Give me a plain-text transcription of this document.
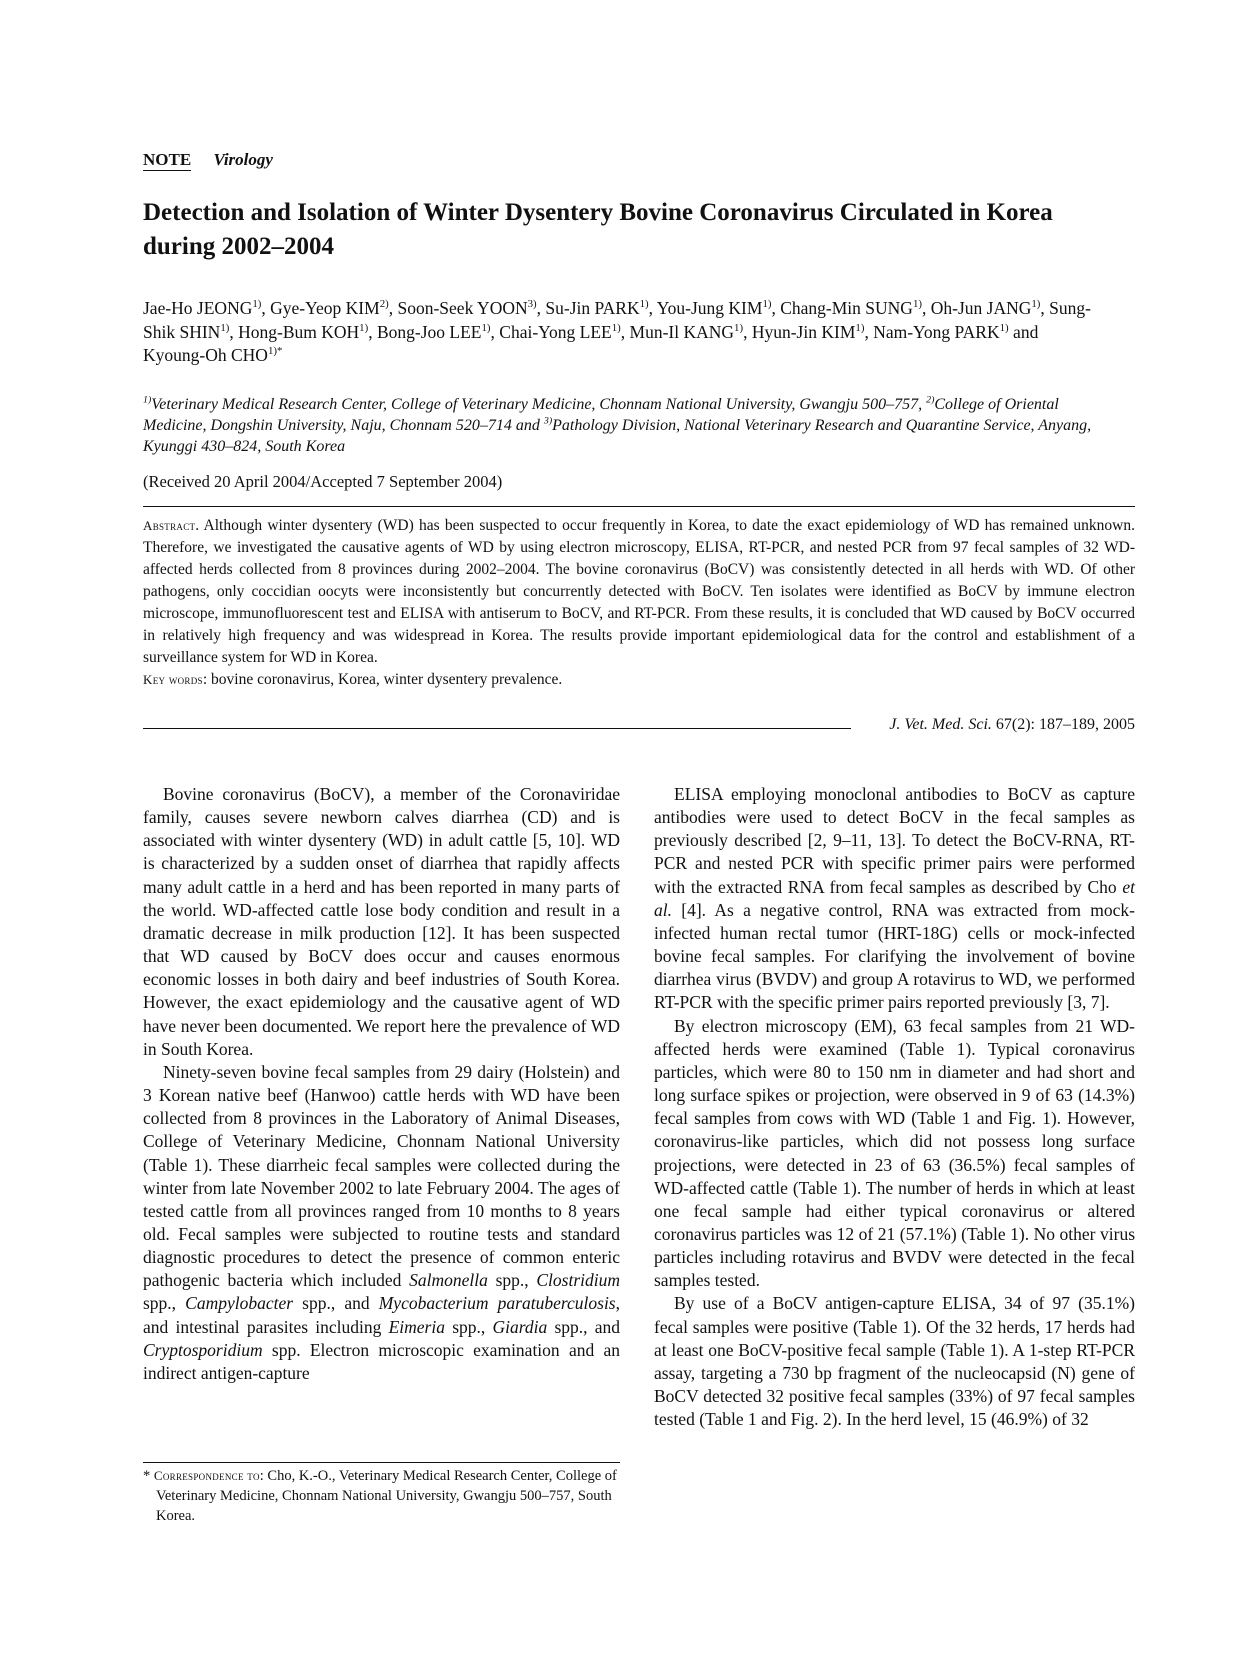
NOTE Virology
Detection and Isolation of Winter Dysentery Bovine Coronavirus Circulated in Korea during 2002–2004
Jae-Ho JEONG$^{1)}$, Gye-Yeop KIM$^{2)}$, Soon-Seek YOON$^{3)}$, Su-Jin PARK$^{1)}$, You-Jung KIM$^{1)}$, Chang-Min SUNG$^{1)}$, Oh-Jun JANG$^{1)}$, Sung-Shik SHIN$^{1)}$, Hong-Bum KOH$^{1)}$, Bong-Joo LEE$^{1)}$, Chai-Yong LEE$^{1)}$, Mun-Il KANG$^{1)}$, Hyun-Jin KIM$^{1)}$, Nam-Yong PARK$^{1)}$ and Kyoung-Oh $CHO^{1)*}$
$^{1)}$Veterinary Medical Research Center, College of Veterinary Medicine, Chonnam National University, Gwangju 500–757, $^{2)}$College of Oriental Medicine, Dongshin University, Naju, Chonnam 520–714 and $^{3)}$Pathology Division, National Veterinary Research and Quarantine Service, Anyang, Kyunggi 430–824, South Korea
(Received 20 April 2004/Accepted 7 September 2004)
Abstract. Although winter dysentery (WD) has been suspected to occur frequently in Korea, to date the exact epidemiology of WD has remained unknown. Therefore, we investigated the causative agents of WD by using electron microscopy, ELISA, RT-PCR, and nested PCR from 97 fecal samples of 32 WD-affected herds collected from 8 provinces during 2002–2004. The bovine coronavirus (BoCV) was consistently detected in all herds with WD. Of other pathogens, only coccidian oocyts were inconsistently but concurrently detected with BoCV. Ten isolates were identified as BoCV by immune electron microscope, immunofluorescent test and ELISA with antiserum to BoCV, and RT-PCR. From these results, it is concluded that WD caused by BoCV occurred in relatively high frequency and was widespread in Korea. The results provide important epidemiological data for the control and establishment of a surveillance system for WD in Korea.
Key words: bovine coronavirus, Korea, winter dysentery prevalence.
J. Vet. Med. Sci. 67(2): 187–189, 2005

Bovine coronavirus (BoCV), a member of the Coronaviridae family, causes severe newborn calves diarrhea (CD) and is associated with winter dysentery (WD) in adult cattle [5, 10]. WD is characterized by a sudden onset of diarrhea that rapidly affects many adult cattle in a herd and has been reported in many parts of the world. WD-affected cattle lose body condition and result in a dramatic decrease in milk production [12]. It has been suspected that WD caused by BoCV does occur and causes enormous economic losses in both dairy and beef industries of South Korea. However, the exact epidemiology and the causative agent of WD have never been documented. We report here the prevalence of WD in South Korea.

Ninety-seven bovine fecal samples from 29 dairy (Holstein) and 3 Korean native beef (Hanwoo) cattle herds with WD have been collected from 8 provinces in the Laboratory of Animal Diseases, College of Veterinary Medicine, Chonnam National University (Table 1). These diarrheic fecal samples were collected during the winter from late November 2002 to late February 2004. The ages of tested cattle from all provinces ranged from 10 months to 8 years old. Fecal samples were subjected to routine tests and standard diagnostic procedures to detect the presence of common enteric pathogenic bacteria which included Salmonella spp., Clostridium spp., Campylobacter spp., and Mycobacterium paratuberculosis, and intestinal parasites including Eimeria spp., Giardia spp., and Cryptosporidium spp. Electron microscopic examination and an indirect antigen-capture

ELISA employing monoclonal antibodies to BoCV as capture antibodies were used to detect BoCV in the fecal samples as previously described [2, 9–11, 13]. To detect the BoCV-RNA, RT-PCR and nested PCR with specific primer pairs were performed with the extracted RNA from fecal samples as described by Cho et al. [4]. As a negative control, RNA was extracted from mock-infected human rectal tumor (HRT-18G) cells or mock-infected bovine fecal samples. For clarifying the involvement of bovine diarrhea virus (BVDV) and group A rotavirus to WD, we performed RT-PCR with the specific primer pairs reported previously [3, 7].

By electron microscopy (EM), 63 fecal samples from 21 WD-affected herds were examined (Table 1). Typical coronavirus particles, which were 80 to 150 nm in diameter and had short and long surface spikes or projection, were observed in 9 of 63 (14.3%) fecal samples from cows with WD (Table 1 and Fig. 1). However, coronavirus-like particles, which did not possess long surface projections, were detected in 23 of 63 (36.5%) fecal samples of WD-affected cattle (Table 1). The number of herds in which at least one fecal sample had either typical coronavirus or altered coronavirus particles was 12 of 21 (57.1%) (Table 1). No other virus particles including rotavirus and BVDV were detected in the fecal samples tested.

By use of a BoCV antigen-capture ELISA, 34 of 97 (35.1%) fecal samples were positive (Table 1). Of the 32 herds, 17 herds had at least one BoCV-positive fecal sample (Table 1). A 1-step RT-PCR assay, targeting a 730 bp fragment of the nucleocapsid (N) gene of BoCV detected 32 positive fecal samples (33%) of 97 fecal samples tested (Table 1 and Fig. 2). In the herd level, 15 (46.9%) of 32

* Correspondence to: Cho, K.-O., Veterinary Medical Research Center, College of Veterinary Medicine, Chonnam National University, Gwangju 500–757, South Korea.
